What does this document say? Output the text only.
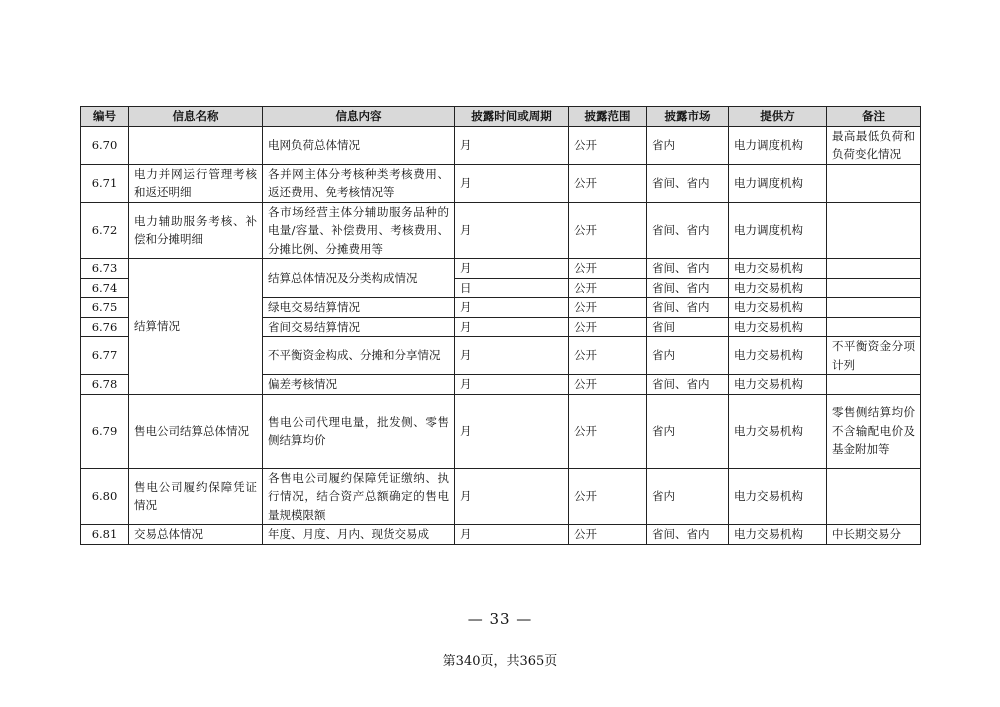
编号	信息名称	信息内容	披露时间或周期	披露范围	披露市场	提供方	备注
6.70		电网负荷总体情况	月	公开	省内	电力调度机构	最高最低负荷和负荷变化情况
6.71	电力并网运行管理考核和返还明细	各并网主体分考核种类考核费用、返还费用、免考核情况等	月	公开	省间、省内	电力调度机构	
6.72	电力辅助服务考核、补偿和分摊明细	各市场经营主体分辅助服务品种的电量/容量、补偿费用、考核费用、分摊比例、分摊费用等	月	公开	省间、省内	电力调度机构	
6.73	结算情况	结算总体情况及分类构成情况	月	公开	省间、省内	电力交易机构	
6.74			日	公开	省间、省内	电力交易机构	
6.75		绿电交易结算情况	月	公开	省间、省内	电力交易机构	
6.76		省间交易结算情况	月	公开	省间	电力交易机构	
6.77		不平衡资金构成、分摊和分享情况	月	公开	省内	电力交易机构	不平衡资金分项计列
6.78		偏差考核情况	月	公开	省间、省内	电力交易机构	
6.79	售电公司结算总体情况	售电公司代理电量，批发侧、零售侧结算均价	月	公开	省内	电力交易机构	零售侧结算均价不含输配电价及基金附加等
6.80	售电公司履约保障凭证情况	各售电公司履约保障凭证缴纳、执行情况，结合资产总额确定的售电量规模限额	月	公开	省内	电力交易机构	
6.81	交易总体情况	年度、月度、月内、现货交易成	月	公开	省间、省内	电力交易机构	中长期交易分
— 33 —
第340页，共365页
